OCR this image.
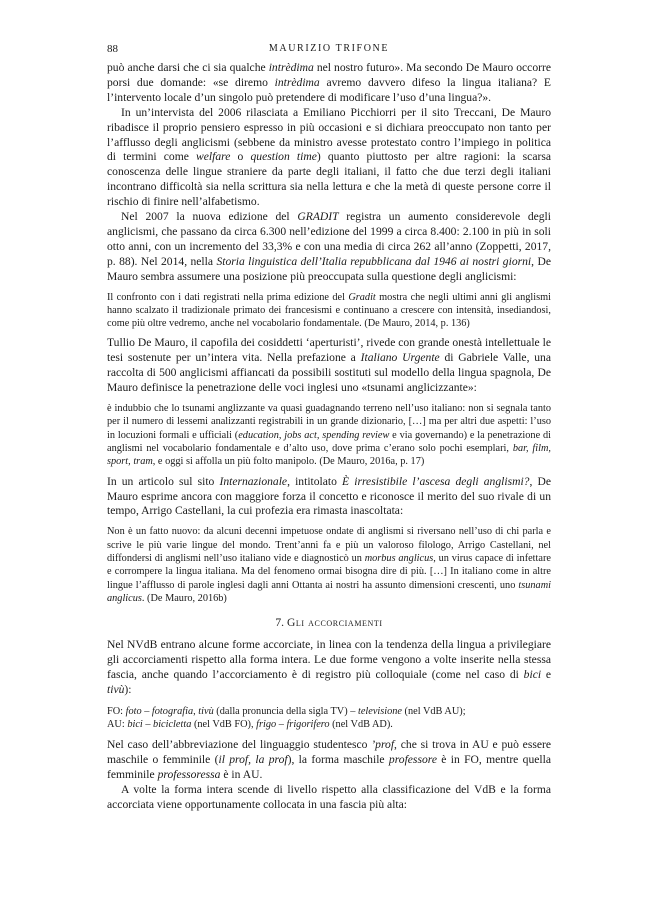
88	MAURIZIO TRIFONE

può anche darsi che ci sia qualche intrèdima nel nostro futuro». Ma secondo De Mauro occorre porsi due domande: «se diremo intrèdima avremo davvero difeso la lingua italiana? E l’intervento locale d’un singolo può pretendere di modificare l’uso d’una lingua?».

In un’intervista del 2006 rilasciata a Emiliano Picchiorri per il sito Treccani, De Mauro ribadisce il proprio pensiero espresso in più occasioni e si dichiara preoccupato non tanto per l’afflusso degli anglicismi (sebbene da ministro avesse protestato contro l’impiego in politica di termini come welfare o question time) quanto piuttosto per altre ragioni: la scarsa conoscenza delle lingue straniere da parte degli italiani, il fatto che due terzi degli italiani incontrano difficoltà sia nella scrittura sia nella lettura e che la metà di queste persone corre il rischio di finire nell’alfabetismo.

Nel 2007 la nuova edizione del GRADIT registra un aumento considerevole degli anglicismi, che passano da circa 6.300 nell’edizione del 1999 a circa 8.400: 2.100 in più in soli otto anni, con un incremento del 33,3% e con una media di circa 262 all’anno (Zoppetti, 2017, p. 88). Nel 2014, nella Storia linguistica dell’Italia repubblicana dal 1946 ai nostri giorni, De Mauro sembra assumere una posizione più preoccupata sulla questione degli anglicismi:

Il confronto con i dati registrati nella prima edizione del Gradit mostra che negli ultimi anni gli anglismi hanno scalzato il tradizionale primato dei francesismi e continuano a crescere con intensità, insediandosi, come più oltre vedremo, anche nel vocabolario fondamentale. (De Mauro, 2014, p. 136)

Tullio De Mauro, il capofila dei cosiddetti ‘aperturisti’, rivede con grande onestà intellettuale le tesi sostenute per un’intera vita. Nella prefazione a Italiano Urgente di Gabriele Valle, una raccolta di 500 anglicismi affiancati da possibili sostituti sul modello della lingua spagnola, De Mauro definisce la penetrazione delle voci inglesi uno «tsunami anglicizzante»:

è indubbio che lo tsunami anglizzante va quasi guadagnando terreno nell’uso italiano: non si segnala tanto per il numero di lessemi analizzanti registrabili in un grande dizionario, […] ma per altri due aspetti: l’uso in locuzioni formali e ufficiali (education, jobs act, spending review e via governando) e la penetrazione di anglismi nel vocabolario fondamentale e d’alto uso, dove prima c’erano solo pochi esemplari, bar, film, sport, tram, e oggi si affolla un più folto manipolo. (De Mauro, 2016a, p. 17)

In un articolo sul sito Internazionale, intitolato È irresistibile l’ascesa degli anglismi?, De Mauro esprime ancora con maggiore forza il concetto e riconosce il merito del suo rivale di un tempo, Arrigo Castellani, la cui profezia era rimasta inascoltata:

Non è un fatto nuovo: da alcuni decenni impetuose ondate di anglismi si riversano nell’uso di chi parla e scrive le più varie lingue del mondo. Trent’anni fa e più un valoroso filologo, Arrigo Castellani, nel diffondersi di anglismi nell’uso italiano vide e diagnosticò un morbus anglicus, un virus capace di infettare e corrompere la lingua italiana. Ma del fenomeno ormai bisogna dire di più. […] In italiano come in altre lingue l’afflusso di parole inglesi dagli anni Ottanta ai nostri ha assunto dimensioni crescenti, uno tsunami anglicus. (De Mauro, 2016b)

7. Gli accorciamenti

Nel NVdB entrano alcune forme accorciate, in linea con la tendenza della lingua a privilegiare gli accorciamenti rispetto alla forma intera. Le due forme vengono a volte inserite nella stessa fascia, anche quando l’accorciamento è di registro più colloquiale (come nel caso di bici e tivù):

FO: foto – fotografia, tivù (dalla pronuncia della sigla TV) – televisione (nel VdB AU);
AU: bici – bicicletta (nel VdB FO), frigo – frigorifero (nel VdB AD).

Nel caso dell’abbreviazione del linguaggio studentesco ’prof, che si trova in AU e può essere maschile o femminile (il prof, la prof), la forma maschile professore è in FO, mentre quella femminile professoressa è in AU.

A volte la forma intera scende di livello rispetto alla classificazione del VdB e la forma accorciata viene opportunamente collocata in una fascia più alta:
